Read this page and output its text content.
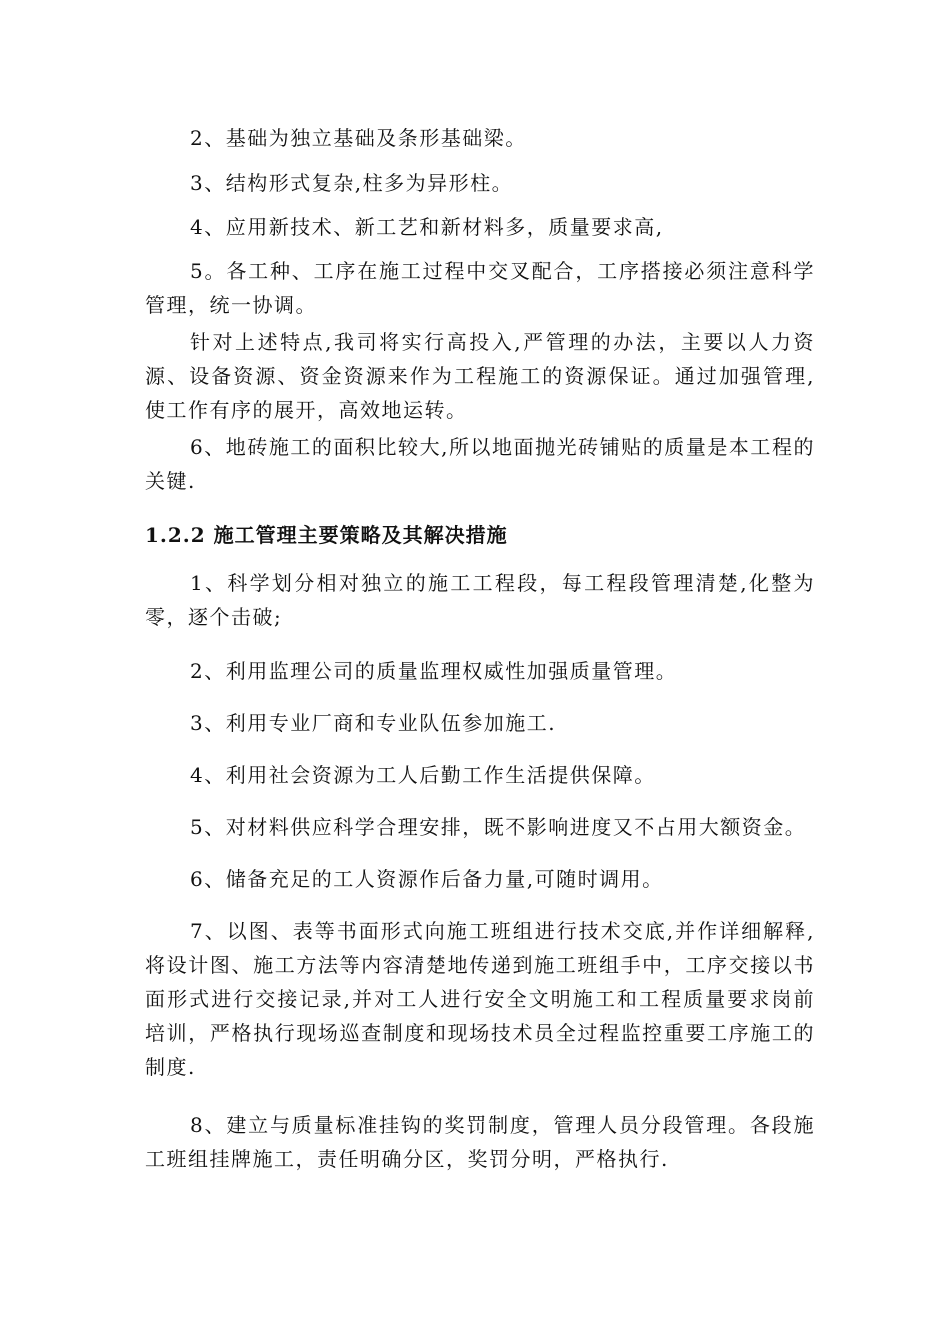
2、基础为独立基础及条形基础梁。

3、结构形式复杂,柱多为异形柱。

4、应用新技术、新工艺和新材料多，质量要求高,

5。各工种、工序在施工过程中交叉配合，工序搭接必须注意科学管理，统一协调。

针对上述特点,我司将实行高投入,严管理的办法，主要以人力资源、设备资源、资金资源来作为工程施工的资源保证。通过加强管理,使工作有序的展开，高效地运转。

6、地砖施工的面积比较大,所以地面抛光砖铺贴的质量是本工程的关键.

1.2.2 施工管理主要策略及其解决措施

1、科学划分相对独立的施工工程段，每工程段管理清楚,化整为零，逐个击破;

2、利用监理公司的质量监理权威性加强质量管理。

3、利用专业厂商和专业队伍参加施工.

4、利用社会资源为工人后勤工作生活提供保障。

5、对材料供应科学合理安排，既不影响进度又不占用大额资金。

6、储备充足的工人资源作后备力量,可随时调用。

7、以图、表等书面形式向施工班组进行技术交底,并作详细解释,将设计图、施工方法等内容清楚地传递到施工班组手中，工序交接以书面形式进行交接记录,并对工人进行安全文明施工和工程质量要求岗前培训，严格执行现场巡查制度和现场技术员全过程监控重要工序施工的制度.

8、建立与质量标准挂钩的奖罚制度，管理人员分段管理。各段施工班组挂牌施工，责任明确分区，奖罚分明，严格执行.
